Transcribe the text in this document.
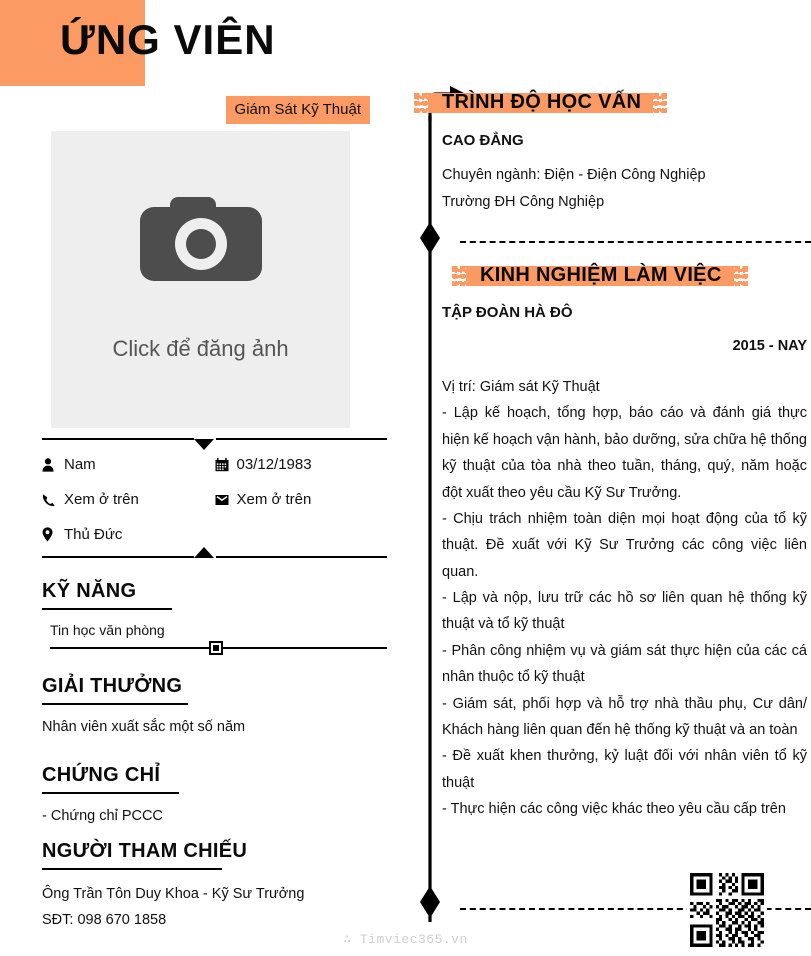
ỨNG VIÊN
Giám Sát Kỹ Thuật
Click để đăng ảnh
Nam	03/12/1983
Xem ở trên	Xem ở trên
Thủ Đức
KỸ NĂNG
Tin học văn phòng
GIẢI THƯỞNG
Nhân viên xuất sắc một số năm
CHỨNG CHỈ
- Chứng chỉ PCCC
NGƯỜI THAM CHIẾU
Ông Trần Tôn Duy Khoa - Kỹ Sư Trưởng
SĐT: 098 670 1858
TRÌNH ĐỘ HỌC VẤN
CAO ĐẲNG
Chuyên ngành: Điện - Điện Công Nghiệp
Trường ĐH Công Nghiệp
KINH NGHIỆM LÀM VIỆC
TẬP ĐOÀN HÀ ĐÔ
2015 - NAY

Vị trí: Giám sát Kỹ Thuật

- Lập kế hoạch, tổng hợp, báo cáo và đánh giá thực hiện kế hoạch vận hành, bảo dưỡng, sửa chữa hệ thống kỹ thuật của tòa nhà theo tuần, tháng, quý, năm hoặc đột xuất theo yêu cầu Kỹ Sư Trưởng.

- Chịu trách nhiệm toàn diện mọi hoạt động của tổ kỹ thuật. Đề xuất với Kỹ Sư Trưởng các công việc liên quan.

- Lập và nộp, lưu trữ các hồ sơ liên quan hệ thống kỹ thuật và tổ kỹ thuật

- Phân công nhiệm vụ và giám sát thực hiện của các cá nhân thuộc tổ kỹ thuật

- Giám sát, phối hợp và hỗ trợ nhà thầu phụ, Cư dân/ Khách hàng liên quan đến hệ thống kỹ thuật và an toàn

- Đề xuất khen thưởng, kỷ luật đối với nhân viên tổ kỹ thuật

- Thực hiện các công việc khác theo yêu cầu cấp trên

∴ Timviec365.vn
